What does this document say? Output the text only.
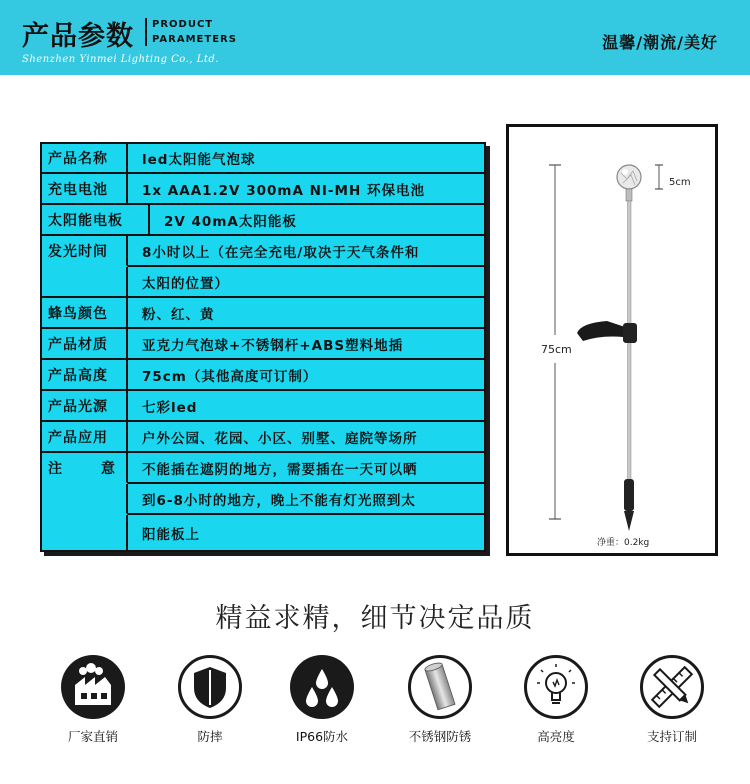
产品参数 PRODUCT
PARAMETERS
Shenzhen Yinmei Lighting Co., Ltd.
温馨/潮流/美好
产品名称	led太阳能气泡球
充电电池	1x AAA1.2V 300mA NI-MH 环保电池
太阳能电板	2V 40mA太阳能板
发光时间	8小时以上（在完全充电/取决于天气条件和
太阳的位置）
蜂鸟颜色	粉、红、黄
产品材质	亚克力气泡球+不锈钢杆+ABS塑料地插
产品高度	75cm（其他高度可订制）
产品光源	七彩led
产品应用	户外公园、花园、小区、别墅、庭院等场所
注	意	不能插在遮阴的地方，需要插在一天可以晒
到6-8小时的地方，晚上不能有灯光照到太
阳能板上
5cm
75cm
净重：0.2kg
精益求精，细节决定品质
厂家直销	防摔	IP66防水	不锈钢防锈	高亮度	支持订制
